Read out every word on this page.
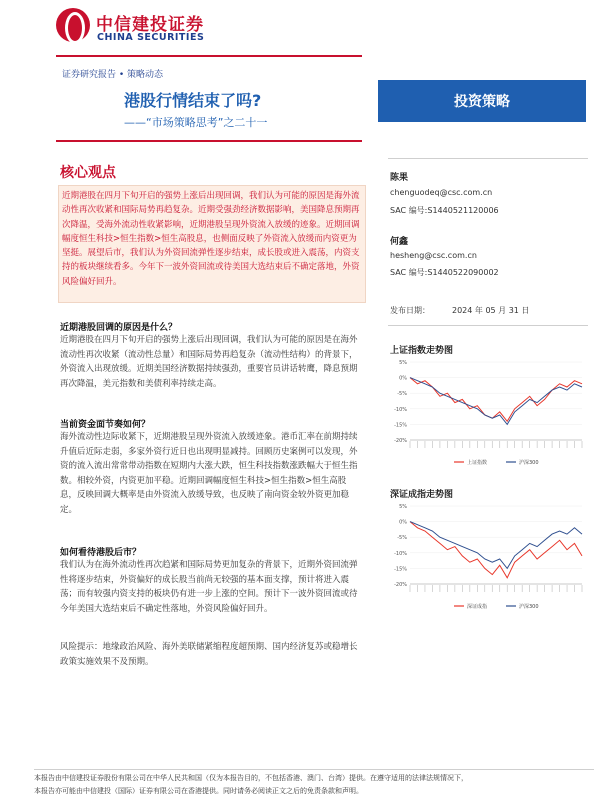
中信建投证券
CHINA SECURITIES
证券研究报告 • 策略动态
港股行情结束了吗?
——“市场策略思考”之二十一
投资策略
核心观点
近期港股在四月下旬开启的强势上涨后出现回调，我们认为可能的原因是海外流动性再次收紧和国际局势再趋复杂。近期受强劲经济数据影响，美国降息预期再次降温，受海外流动性收紧影响，近期港股呈现外资流入放缓的迹象。近期回调幅度恒生科技>恒生指数>恒生高股息，也侧面反映了外资流入放缓而内资更为坚挺。展望后市，我们认为外资回流弹性逐步结束，成长股或进入震荡，内资支持的板块继续看多。今年下一波外资回流或待美国大选结束后不确定落地，外资风险偏好回升。
近期港股回调的原因是什么？
近期港股在四月下旬开启的强势上涨后出现回调，我们认为可能的原因是在海外流动性再次收紧（流动性总量）和国际局势再趋复杂（流动性结构）的背景下，外资流入出现放缓。近期美国经济数据持续强劲，重要官员讲话转鹰，降息预期再次降温，美元指数和美债利率持续走高。
当前资金面节奏如何？
海外流动性边际收紧下，近期港股呈现外资流入放缓迹象。港币汇率在前期持续升值后近际走弱，多家外资行近日也出现明显减持。回顾历史案例可以发现，外资的流入流出常常带动指数在短期内大涨大跌，恒生科技指数涨跌幅大于恒生指数。相较外资，内资更加平稳。近期回调幅度恒生科技>恒生指数>恒生高股息，反映回调大概率是由外资流入放缓导致，也反映了南向资金较外资更加稳定。
如何看待港股后市？
我们认为在海外流动性再次趋紧和国际局势更加复杂的背景下，近期外资回流弹性将逐步结束，外资偏好的成长股当前尚无较强的基本面支撑，预计将进入震荡；而有较强内资支持的板块仍有进一步上涨的空间。预计下一波外资回流或待今年美国大选结束后不确定性落地，外资风险偏好回升。
风险提示：地缘政治风险、海外美联储紧缩程度超预期、国内经济复苏或稳增长政策实施效果不及预期。
陈果
chenguodeq@csc.com.cn
SAC 编号:S1440521120006
何鑫
hesheng@csc.com.cn
SAC 编号:S1440522090002
发布日期：	2024 年 05 月 31 日
上证指数走势图
5%
0%
-5%
-10%
-15%
-20%
上证指数	沪深300
深证成指走势图
5%
0%
-5%
-10%
-15%
-20%
深证成指	沪深300
本报告由中信建投证券股份有限公司在中华人民共和国（仅为本报告目的，不包括香港、澳门、台湾）提供。在遵守适用的法律法规情况下，
本报告亦可能由中信建投（国际）证券有限公司在香港提供。同时请务必阅读正文之后的免责条款和声明。
